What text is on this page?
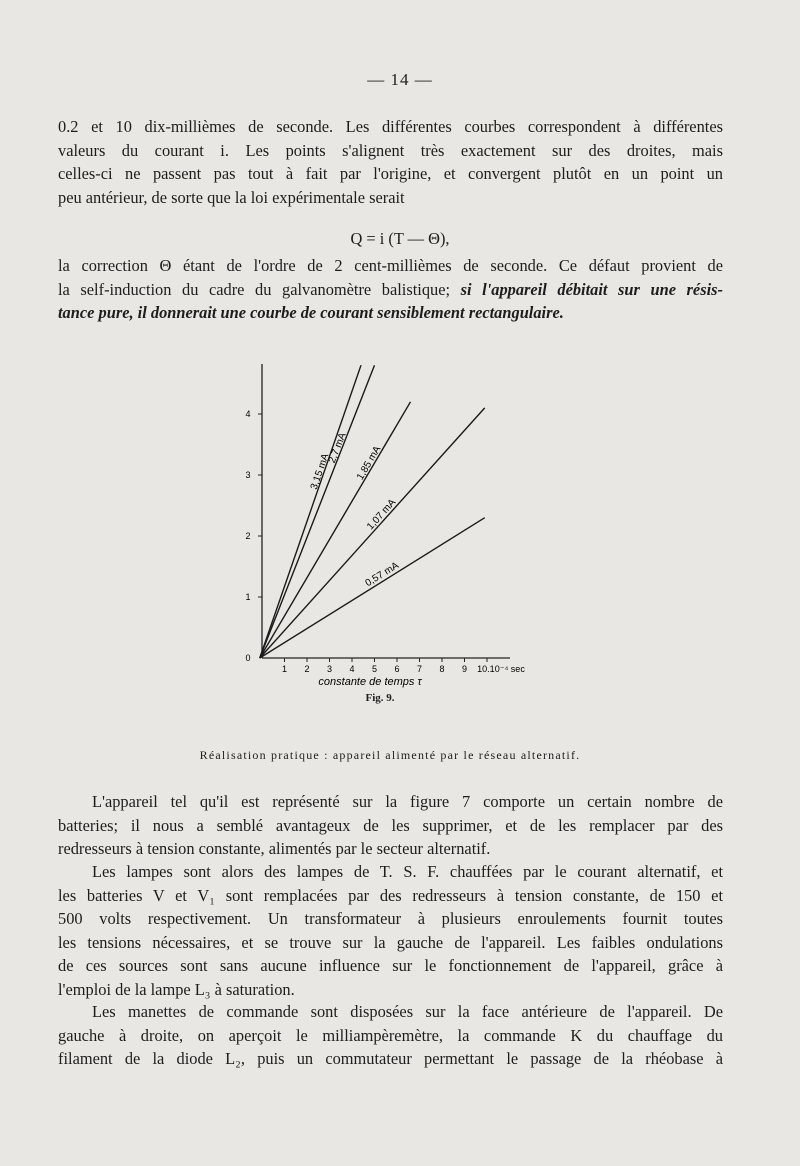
— 14 —
0.2 et 10 dix-millièmes de seconde. Les différentes courbes correspondent à différentes
valeurs du courant i. Les points s'alignent très exactement sur des droites, mais
celles-ci ne passent pas tout à fait par l'origine, et convergent plutôt en un point un
peu antérieur, de sorte que la loi expérimentale serait
Q = i (T — Θ),
la correction Θ étant de l'ordre de 2 cent-millièmes de seconde. Ce défaut provient de
la self-induction du cadre du galvanomètre balistique; si l'appareil débitait sur une résis-
tance pure, il donnerait une courbe de courant sensiblement rectangulaire.
1 2 3 4 5 6 7 8 9 10.10⁻⁴ sec
0
1
2
3
4
3,15 mA
2,7 mA 1,85 mA
1,07 mA
0,57 mA
constante de temps τ
Fig. 9.
Réalisation pratique : appareil alimenté par le réseau alternatif.
L'appareil tel qu'il est représenté sur la figure 7 comporte un certain nombre de
batteries; il nous a semblé avantageux de les supprimer, et de les remplacer par des
redresseurs à tension constante, alimentés par le secteur alternatif.
Les lampes sont alors des lampes de T. S. F. chauffées par le courant alternatif, et
les batteries V et V₁ sont remplacées par des redresseurs à tension constante, de 150 et
500 volts respectivement. Un transformateur à plusieurs enroulements fournit toutes
les tensions nécessaires, et se trouve sur la gauche de l'appareil. Les faibles ondulations
de ces sources sont sans aucune influence sur le fonctionnement de l'appareil, grâce à
l'emploi de la lampe L₃ à saturation.
Les manettes de commande sont disposées sur la face antérieure de l'appareil. De
gauche à droite, on aperçoit le milliampèremètre, la commande K du chauffage du
filament de la diode L₂, puis un commutateur permettant le passage de la rhéobase à
